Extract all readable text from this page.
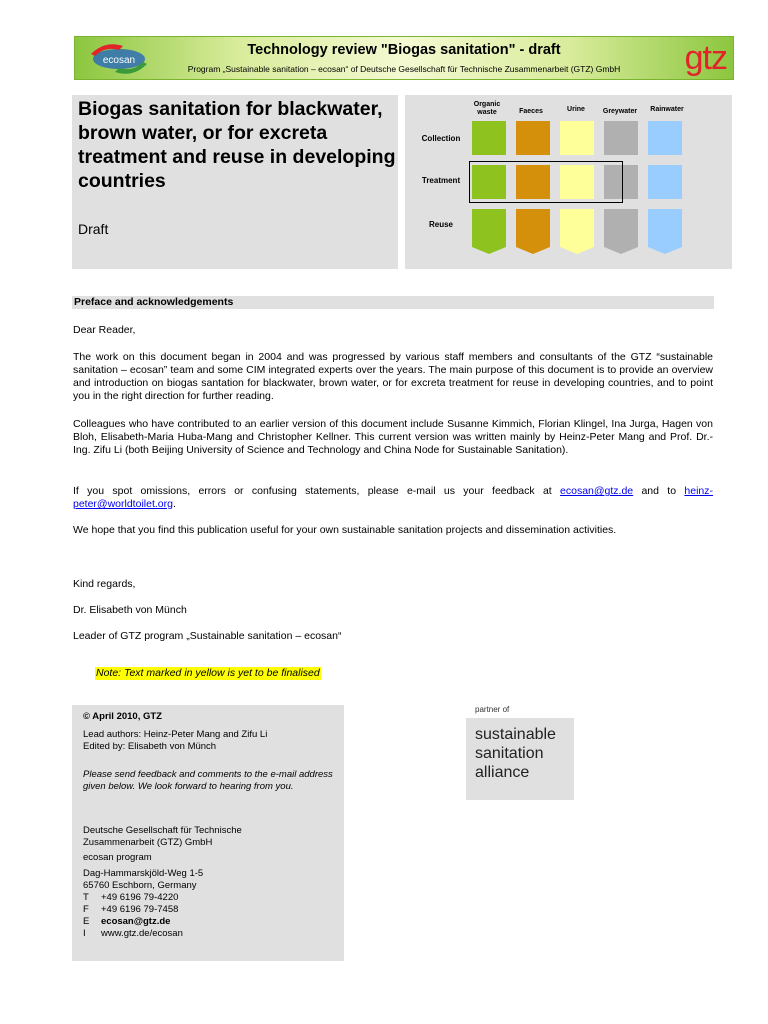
ecosan
Technology review "Biogas sanitation" - draft
Program „Sustainable sanitation – ecosan“ of Deutsche Gesellschaft für Technische Zusammenarbeit (GTZ) GmbH	gtz
Biogas sanitation for blackwater, brown water, or for excreta treatment and reuse in developing countries
Draft
Organic waste	Faeces	Urine	Greywater	Rainwater
Collection
Treatment
Reuse
Preface and acknowledgements
Dear Reader,
The work on this document began in 2004 and was progressed by various staff members and consultants of the GTZ “sustainable sanitation – ecosan” team and some CIM integrated experts over the years. The main purpose of this document is to provide an overview and introduction on biogas santation for blackwater, brown water, or for excreta treatment for reuse in developing countries, and to point you in the right direction for further reading.
Colleagues who have contributed to an earlier version of this document include Susanne Kimmich, Florian Klingel, Ina Jurga, Hagen von Bloh, Elisabeth-Maria Huba-Mang and Christopher Kellner. This current version was written mainly by Heinz-Peter Mang and Prof. Dr.-Ing. Zifu Li (both Beijing University of Science and Technology and China Node for Sustainable Sanitation).
If you spot omissions, errors or confusing statements, please e-mail us your feedback at ecosan@gtz.de and to heinz-peter@worldtoilet.org.
We hope that you find this publication useful for your own sustainable sanitation projects and dissemination activities.
Kind regards,
Dr. Elisabeth von Münch
Leader of GTZ program „Sustainable sanitation – ecosan“
Note: Text marked in yellow is yet to be finalised
© April 2010, GTZ
Lead authors: Heinz-Peter Mang and Zifu Li
Edited by: Elisabeth von Münch
Please send feedback and comments to the e-mail address given below. We look forward to hearing from you.
Deutsche Gesellschaft für Technische
Zusammenarbeit (GTZ) GmbH
ecosan program
Dag-Hammarskjöld-Weg 1-5
65760 Eschborn, Germany
T +49 6196 79-4220
F +49 6196 79-7458
E ecosan@gtz.de
I www.gtz.de/ecosan
partner of
sustainable
sanitation
alliance
